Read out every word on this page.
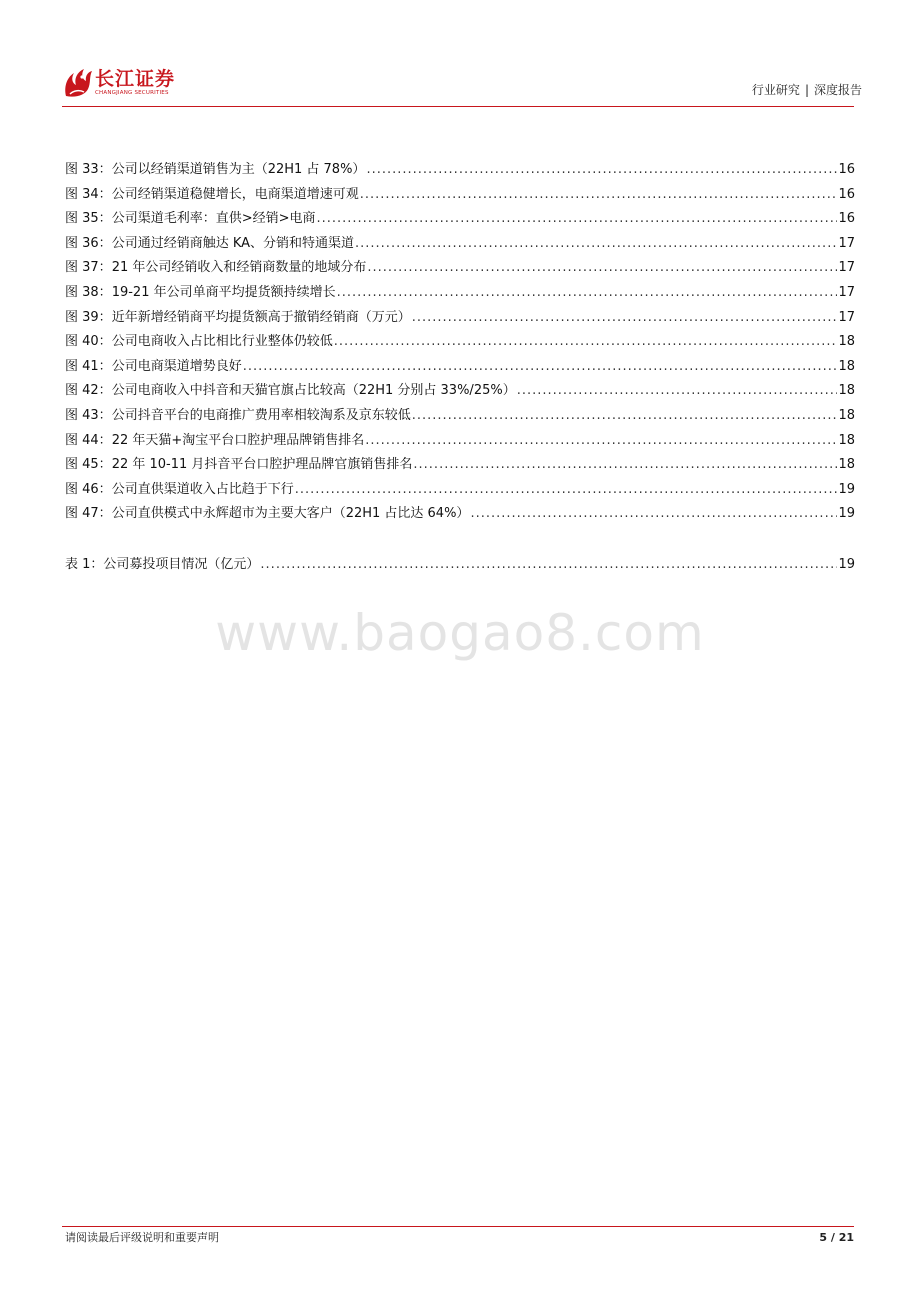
长江证券
CHANGJIANG SECURITIES	行业研究 | 深度报告
图 33： 公司以经销渠道销售为主（22H1 占 78%） .....	16
图 34： 公司经销渠道稳健增长，电商渠道增速可观 .....	16
图 35： 公司渠道毛利率：直供>经销>电商 .....	16
图 36： 公司通过经销商触达 KA、分销和特通渠道 .....	17
图 37： 21 年公司经销收入和经销商数量的地域分布 .....	17
图 38： 19-21 年公司单商平均提货额持续增长 .....	17
图 39： 近年新增经销商平均提货额高于撤销经销商（万元） .....	17
图 40： 公司电商收入占比相比行业整体仍较低 .....	18
图 41： 公司电商渠道增势良好 .....	18
图 42： 公司电商收入中抖音和天猫官旗占比较高（22H1 分别占 33%/25%） .....	18
图 43： 公司抖音平台的电商推广费用率相较淘系及京东较低 .....	18
图 44： 22 年天猫+淘宝平台口腔护理品牌销售排名 .....	18
图 45： 22 年 10-11 月抖音平台口腔护理品牌官旗销售排名 .....	18
图 46： 公司直供渠道收入占比趋于下行 .....	19
图 47： 公司直供模式中永辉超市为主要大客户（22H1 占比达 64%） .....	19
表 1： 公司募投项目情况（亿元） .....	19
www.baogao8.com
请阅读最后评级说明和重要声明	5 / 21
